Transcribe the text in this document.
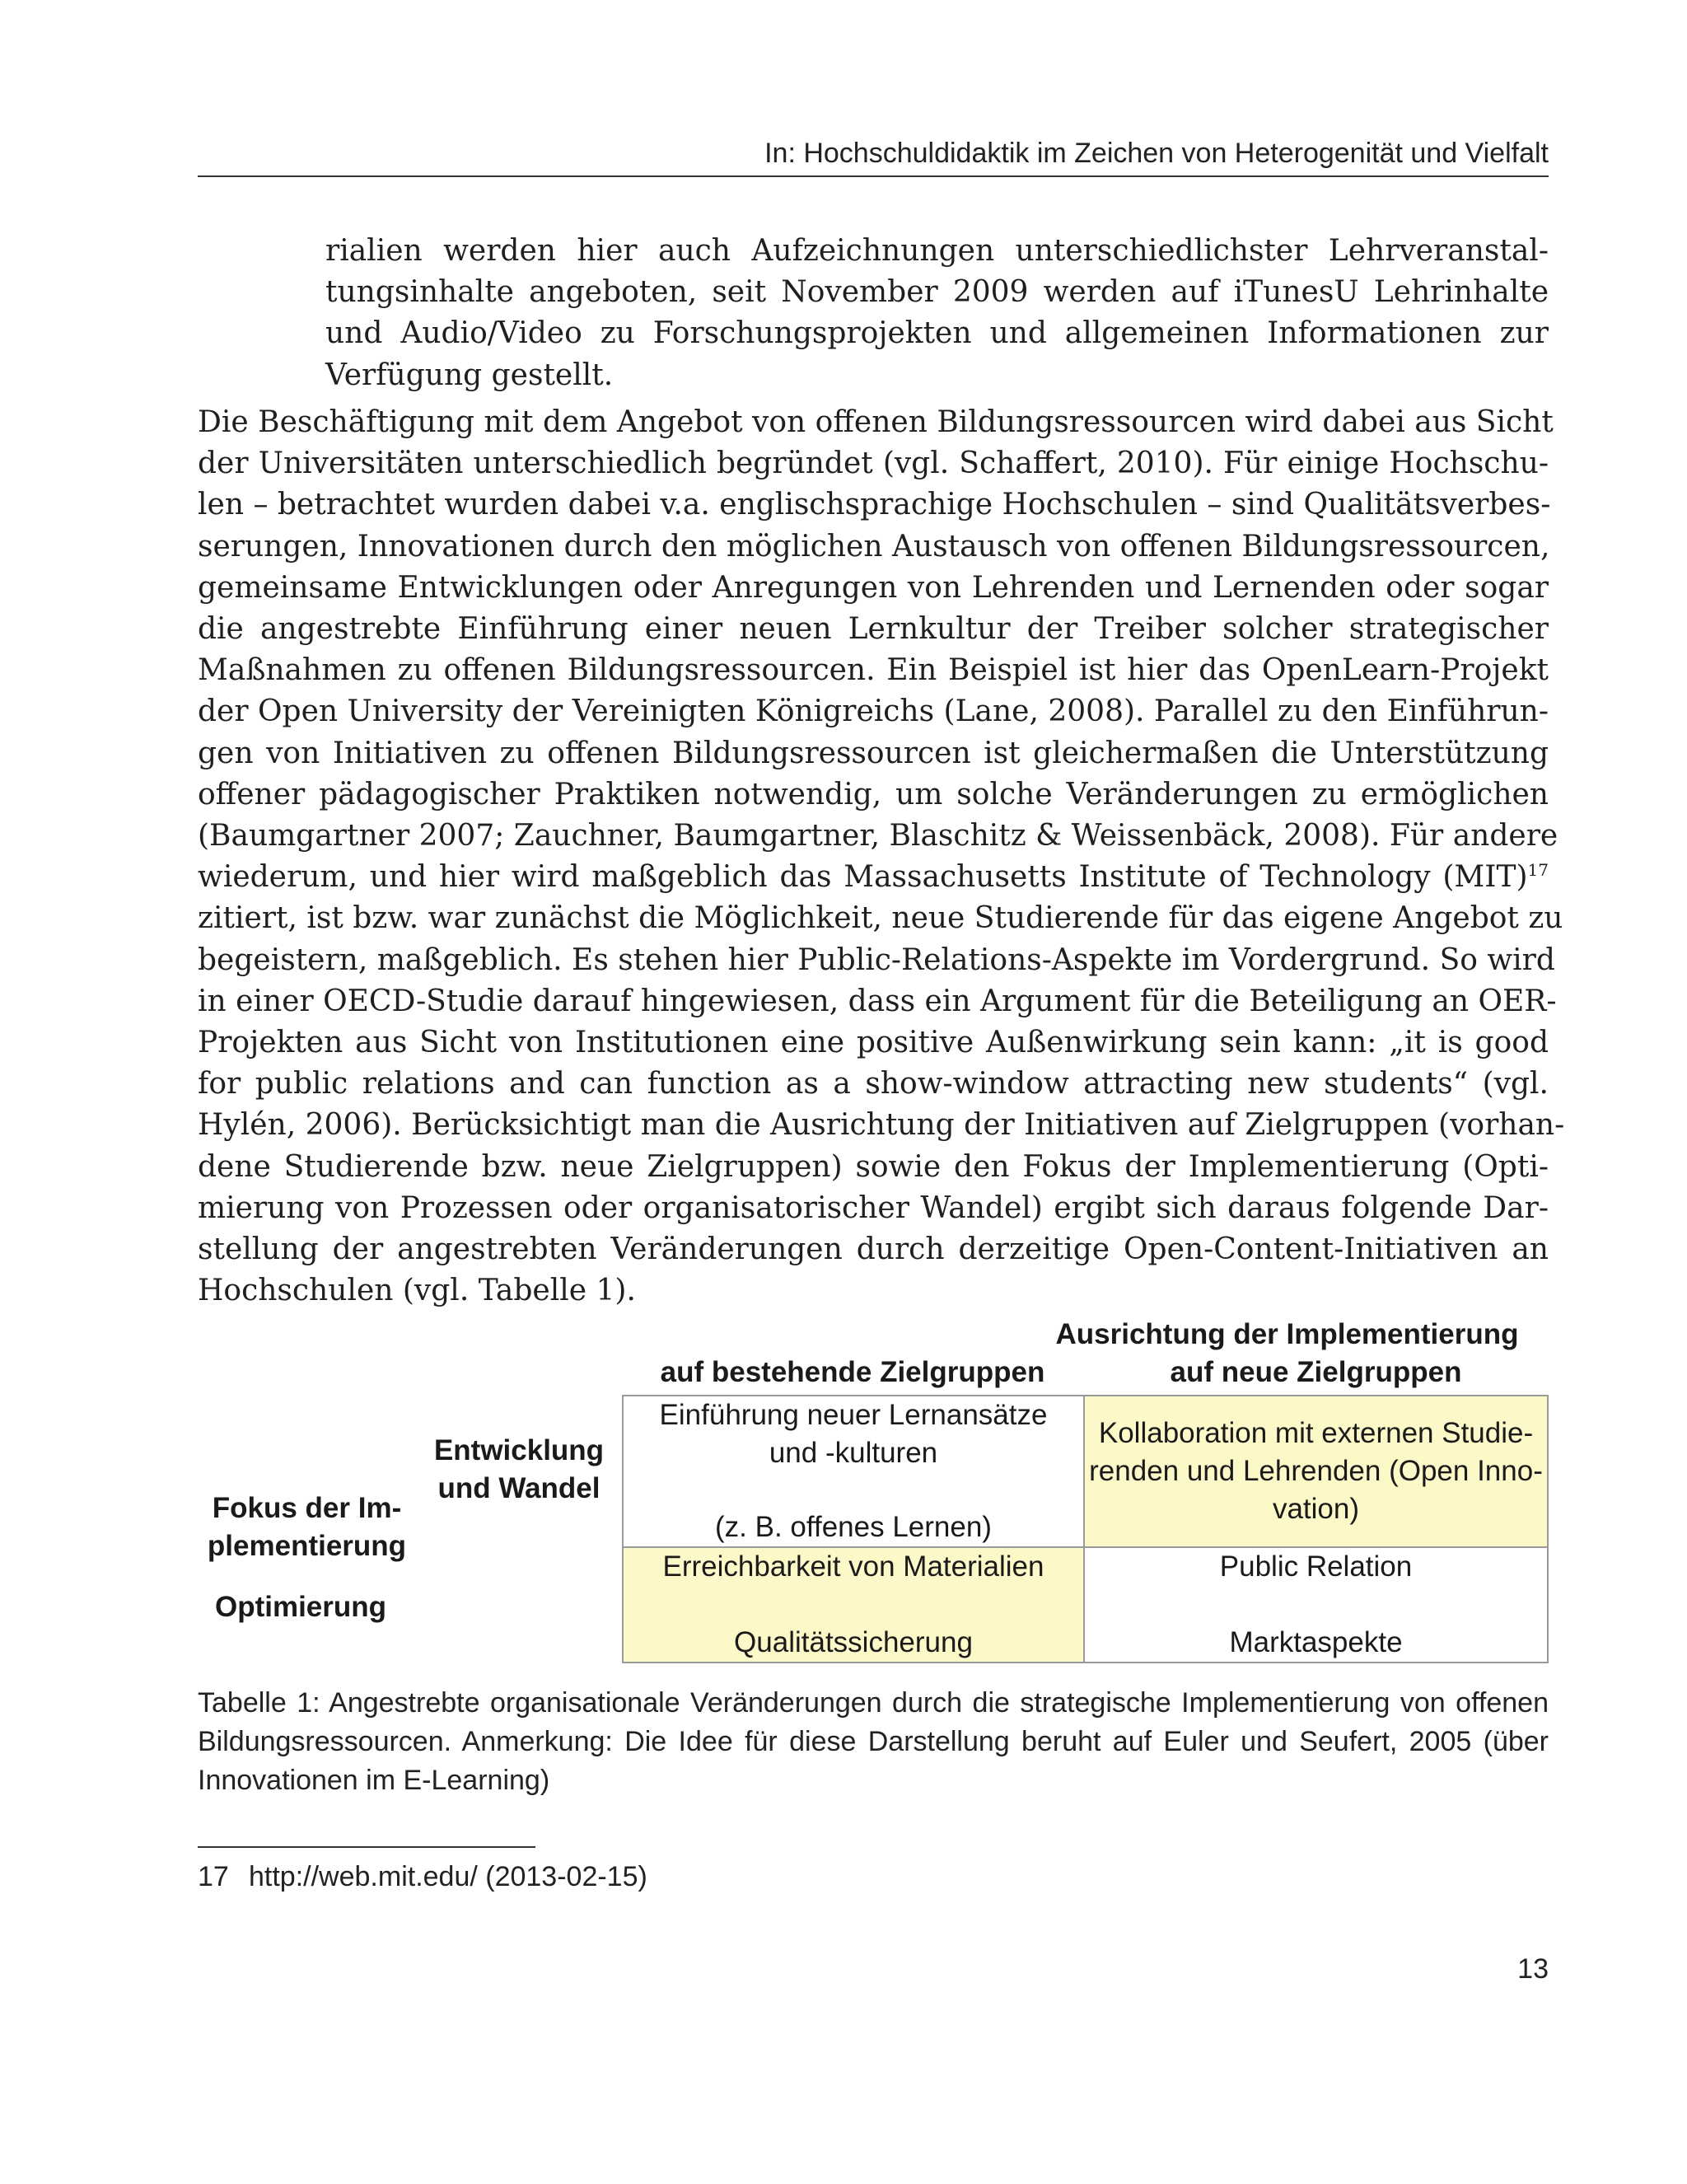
In: Hochschuldidaktik im Zeichen von Heterogenität und Vielfalt
rialien werden hier auch Aufzeichnungen unterschiedlichster Lehrveranstal-
tungsinhalte angeboten, seit November 2009 werden auf iTunesU Lehrinhalte
und Audio/Video zu Forschungsprojekten und allgemeinen Informationen zur
Verfügung gestellt.
Die Beschäftigung mit dem Angebot von offenen Bildungsressourcen wird dabei aus Sicht
der Universitäten unterschiedlich begründet (vgl. Schaffert, 2010). Für einige Hochschu-
len – betrachtet wurden dabei v.a. englischsprachige Hochschulen – sind Qualitätsverbes-
serungen, Innovationen durch den möglichen Austausch von offenen Bildungsressourcen,
gemeinsame Entwicklungen oder Anregungen von Lehrenden und Lernenden oder sogar
die angestrebte Einführung einer neuen Lernkultur der Treiber solcher strategischer
Maßnahmen zu offenen Bildungsressourcen. Ein Beispiel ist hier das OpenLearn-Projekt
der Open University der Vereinigten Königreichs (Lane, 2008). Parallel zu den Einführun-
gen von Initiativen zu offenen Bildungsressourcen ist gleichermaßen die Unterstützung
offener pädagogischer Praktiken notwendig, um solche Veränderungen zu ermöglichen
(Baumgartner 2007; Zauchner, Baumgartner, Blaschitz & Weissenbäck, 2008). Für andere
wiederum, und hier wird maßgeblich das Massachusetts Institute of Technology (MIT)$^{17}$
zitiert, ist bzw. war zunächst die Möglichkeit, neue Studierende für das eigene Angebot zu
begeistern, maßgeblich. Es stehen hier Public-Relations-Aspekte im Vordergrund. So wird
in einer OECD-Studie darauf hingewiesen, dass ein Argument für die Beteiligung an OER-
Projekten aus Sicht von Institutionen eine positive Außenwirkung sein kann: „it is good
for public relations and can function as a show-window attracting new students“ (vgl.
Hylén, 2006). Berücksichtigt man die Ausrichtung der Initiativen auf Zielgruppen (vorhan-
dene Studierende bzw. neue Zielgruppen) sowie den Fokus der Implementierung (Opti-
mierung von Prozessen oder organisatorischer Wandel) ergibt sich daraus folgende Dar-
stellung der angestrebten Veränderungen durch derzeitige Open-Content-Initiativen an
Hochschulen (vgl. Tabelle 1).
Ausrichtung der Implementierung
auf bestehende Zielgruppen	auf neue Zielgruppen
Fokus der Im-
plementierung
Entwicklung
und Wandel
Optimierung
Einführung neuer Lernansätze
und -kulturen
(z. B. offenes Lernen)
Kollaboration mit externen Studie-
renden und Lehrenden (Open Inno-
vation)
Erreichbarkeit von Materialien
Qualitätssicherung
Public Relation
Marktaspekte

Tabelle 1: Angestrebte organisationale Veränderungen durch die strategische Implementierung von offenen Bildungsressourcen. Anmerkung: Die Idee für diese Darstellung beruht auf Euler und Seufert, 2005 (über Innovationen im E-Learning)

17 http://web.mit.edu/ (2013-02-15)
13
